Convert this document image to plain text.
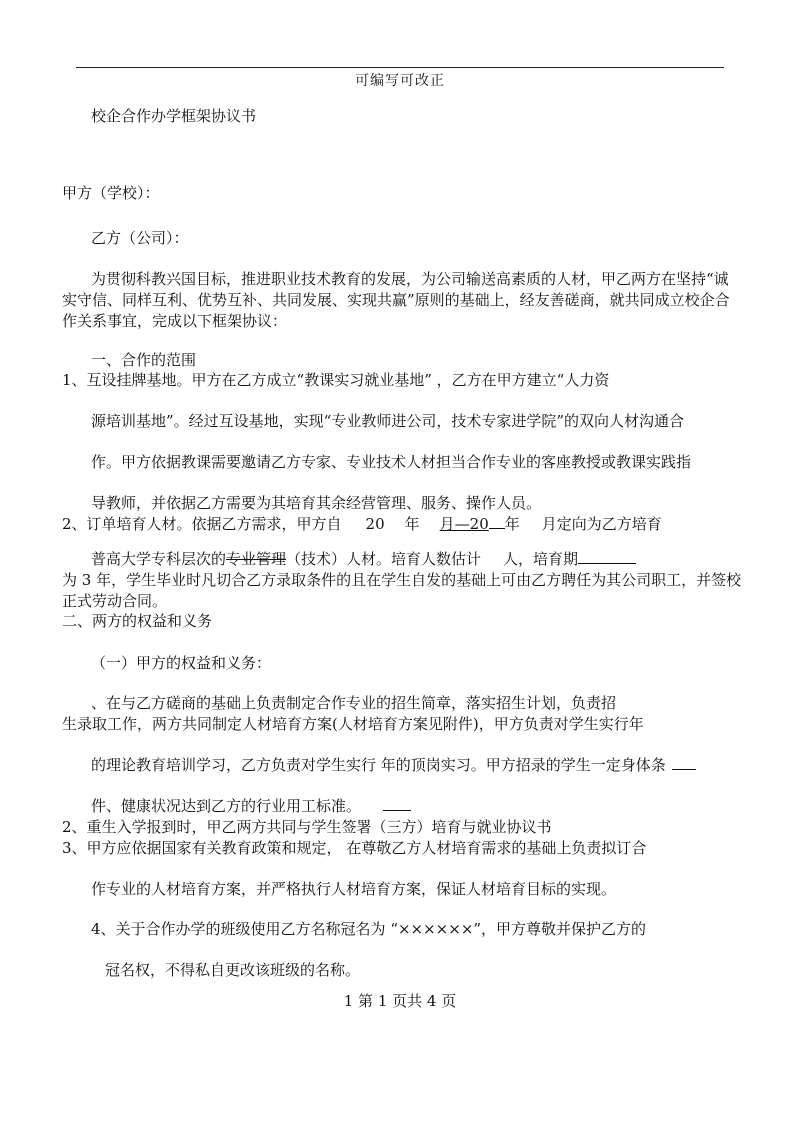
可编写可改正
校企合作办学框架协议书
甲方（学校）：
乙方（公司）：
为贯彻科教兴国目标，推进职业技术教育的发展，为公司输送高素质的人材，甲乙两方在坚持“诚
实守信、同样互利、优势互补、共同发展、实现共赢”原则的基础上，经友善磋商，就共同成立校企合
作关系事宜，完成以下框架协议：
一、合作的范围
1、互设挂牌基地。甲方在乙方成立“教课实习就业基地” ，乙方在甲方建立“人力资
源培训基地”。经过互设基地，实现“专业教师进公司，技术专家进学院”的双向人材沟通合
作。甲方依据教课需要邀请乙方专家、专业技术人材担当合作专业的客座教授或教课实践指
导教师，并依据乙方需要为其培育其余经营管理、服务、操作人员。
2、订单培育人材。依据乙方需求，甲方自 20 年 月—20 年 月定向为乙方培育
普高大学专科层次的专业管理（技术）人材。培育人数估计 人，培育期
为 3 年，学生毕业时凡切合乙方录取条件的且在学生自发的基础上可由乙方聘任为其公司职工，并签校
正式劳动合同。
二、两方的权益和义务
（一）甲方的权益和义务：
、在与乙方磋商的基础上负责制定合作专业的招生简章，落实招生计划，负责招
生录取工作，两方共同制定人材培育方案(人材培育方案见附件)，甲方负责对学生实行年
的理论教育培训学习，乙方负责对学生实行 年的顶岗实习。甲方招录的学生一定身体条
件、健康状况达到乙方的行业用工标准。
2、重生入学报到时，甲乙两方共同与学生签署（三方）培育与就业协议书
3、甲方应依据国家有关教育政策和规定， 在尊敬乙方人材培育需求的基础上负责拟订合
作专业的人材培育方案，并严格执行人材培育方案，保证人材培育目标的实现。
4、关于合作办学的班级使用乙方名称冠名为 “××××××”，甲方尊敬并保护乙方的
冠名权，不得私自更改该班级的名称。
1 第 1 页共 4 页
